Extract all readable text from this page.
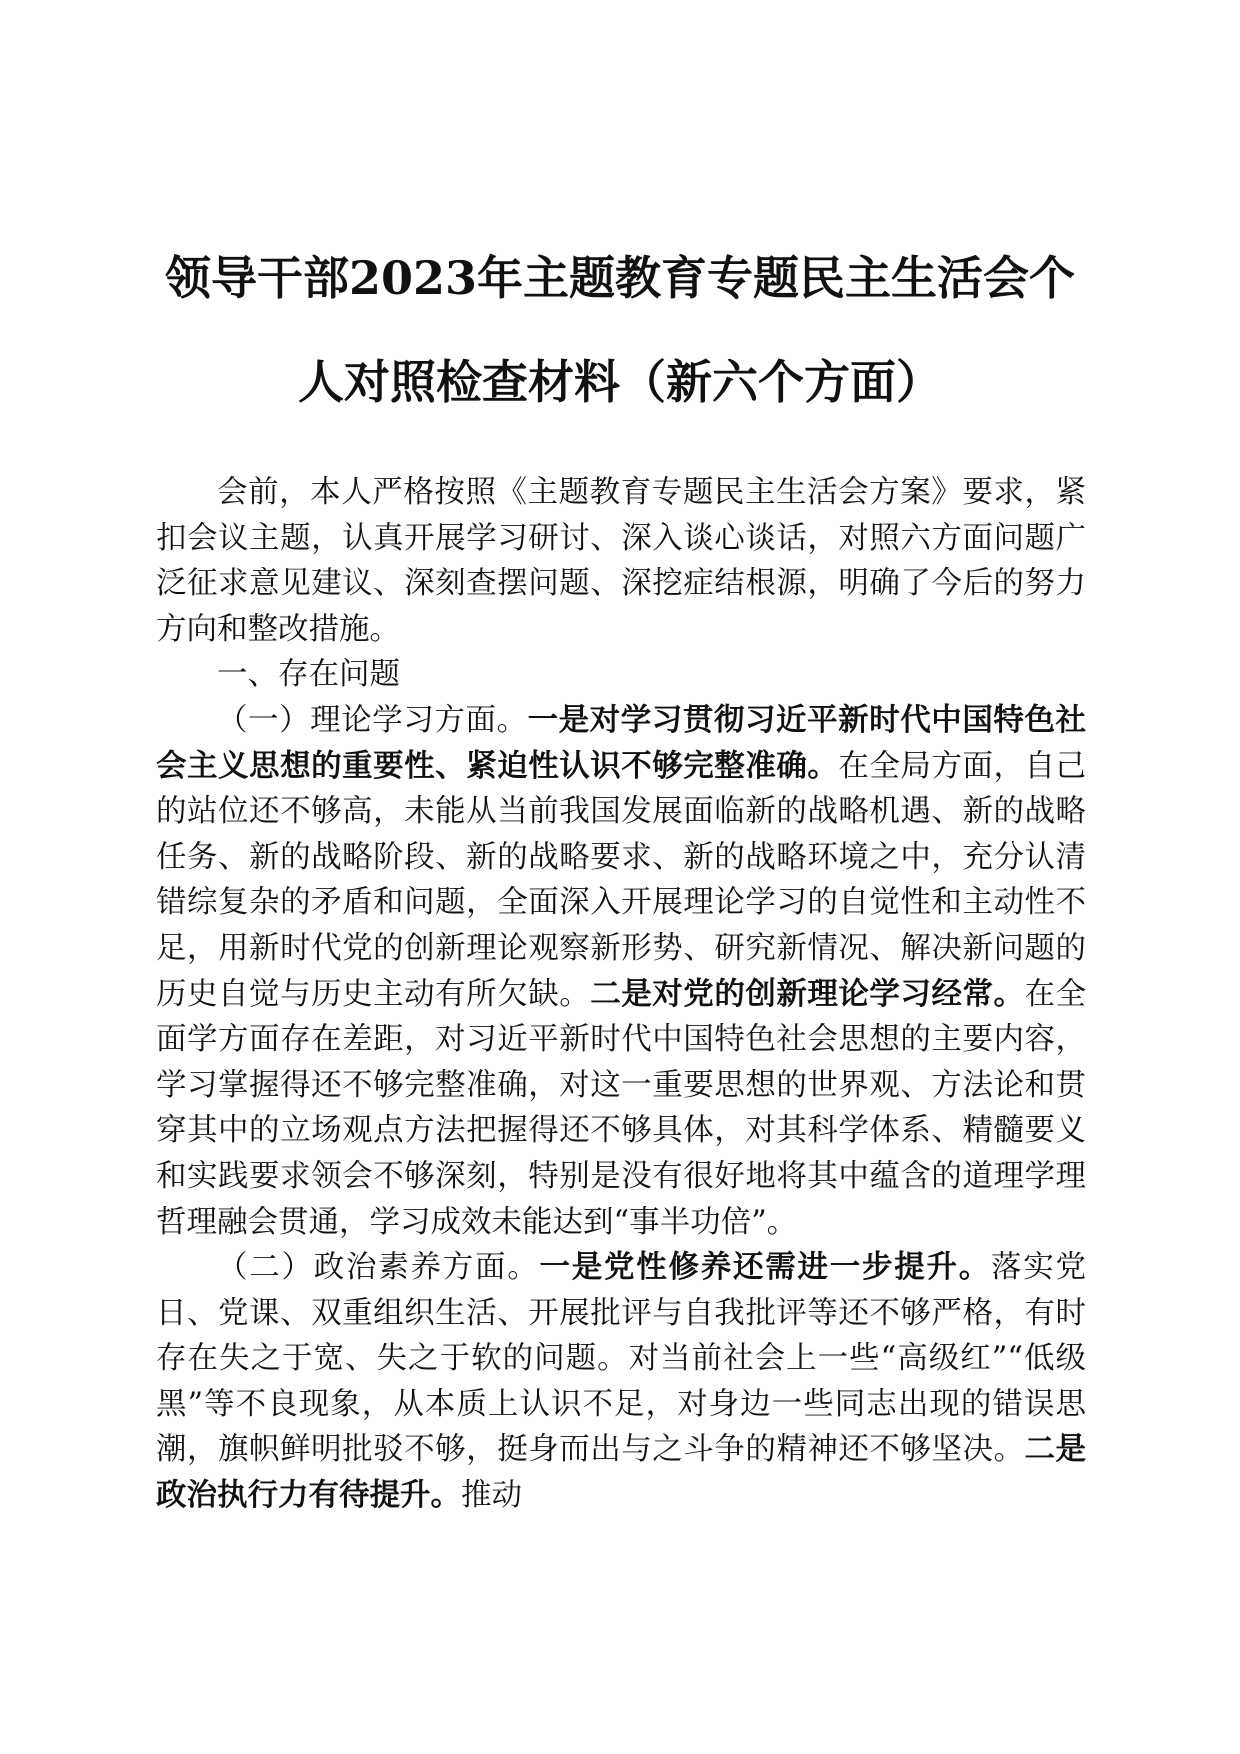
领导干部2023年主题教育专题民主生活会个
人对照检查材料（新六个方面）

会前，本人严格按照《主题教育专题民主生活会方案》要求，紧扣会议主题，认真开展学习研讨、深入谈心谈话，对照六方面问题广泛征求意见建议、深刻查摆问题、深挖症结根源，明确了今后的努力方向和整改措施。

一、存在问题

（一）理论学习方面。一是对学习贯彻习近平新时代中国特色社会主义思想的重要性、紧迫性认识不够完整准确。在全局方面，自己的站位还不够高，未能从当前我国发展面临新的战略机遇、新的战略任务、新的战略阶段、新的战略要求、新的战略环境之中，充分认清错综复杂的矛盾和问题，全面深入开展理论学习的自觉性和主动性不足，用新时代党的创新理论观察新形势、研究新情况、解决新问题的历史自觉与历史主动有所欠缺。二是对党的创新理论学习经常。在全面学方面存在差距，对习近平新时代中国特色社会思想的主要内容，学习掌握得还不够完整准确，对这一重要思想的世界观、方法论和贯穿其中的立场观点方法把握得还不够具体，对其科学体系、精髓要义和实践要求领会不够深刻，特别是没有很好地将其中蕴含的道理学理哲理融会贯通，学习成效未能达到“事半功倍”。

（二）政治素养方面。一是党性修养还需进一步提升。落实党日、党课、双重组织生活、开展批评与自我批评等还不够严格，有时存在失之于宽、失之于软的问题。对当前社会上一些“高级红”“低级黑”等不良现象，从本质上认识不足，对身边一些同志出现的错误思潮，旗帜鲜明批驳不够，挺身而出与之斗争的精神还不够坚决。二是政治执行力有待提升。推动
